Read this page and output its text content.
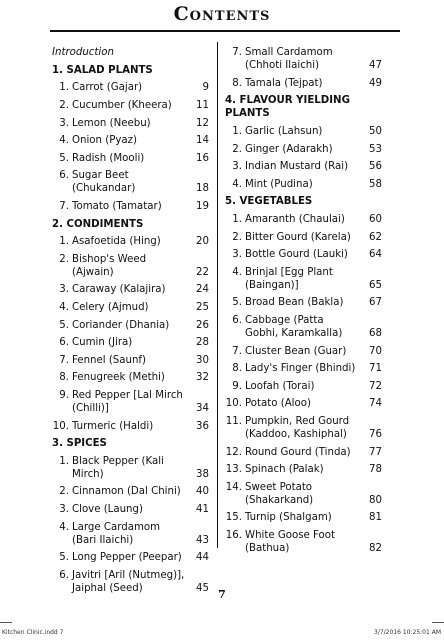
Contents
Introduction
1. SALAD PLANTS
1. Carrot (Gajar)	9
2. Cucumber (Kheera)	11
3. Lemon (Neebu)	12
4. Onion (Pyaz)	14
5. Radish (Mooli)	16
6. Sugar Beet (Chukandar)	18
7. Tomato (Tamatar)	19
2. CONDIMENTS
1. Asafoetida (Hing)	20
2. Bishop's Weed (Ajwain)	22
3. Caraway (Kalajira)	24
4. Celery (Ajmud)	25
5. Coriander (Dhania)	26
6. Cumin (Jira)	28
7. Fennel (Saunf)	30
8. Fenugreek (Methi)	32
9. Red Pepper [Lal Mirch (Chilli)]	34
10. Turmeric (Haldi)	36
3. SPICES
1. Black Pepper (Kali Mirch)	38
2. Cinnamon (Dal Chini)	40
3. Clove (Laung)	41
4. Large Cardamom (Bari Ilaichi)	43
5. Long Pepper (Peepar)	44
6. Javitri [Aril (Nutmeg)], Jaiphal (Seed)	45
7. Small Cardamom (Chhoti Ilaichi)	47
8. Tamala (Tejpat)	49
4. FLAVOUR YIELDING PLANTS
1. Garlic (Lahsun)	50
2. Ginger (Adarakh)	53
3. Indian Mustard (Rai)	56
4. Mint (Pudina)	58
5. VEGETABLES
1. Amaranth (Chaulai)	60
2. Bitter Gourd (Karela)	62
3. Bottle Gourd (Lauki)	64
4. Brinjal [Egg Plant (Baingan)]	65
5. Broad Bean (Bakla)	67
6. Cabbage (Patta Gobhi, Karamkalla)	68
7. Cluster Bean (Guar)	70
8. Lady's Finger (Bhindi)	71
9. Loofah (Torai)	72
10. Potato (Aloo)	74
11. Pumpkin, Red Gourd (Kaddoo, Kashiphal)	76
12. Round Gourd (Tinda)	77
13. Spinach (Palak)	78
14. Sweet Potato (Shakarkand)	80
15. Turnip (Shalgam)	81
16. White Goose Foot (Bathua)	82
7
Kitchen Clinic.indd 7	3/7/2016 10:25:01 AM
